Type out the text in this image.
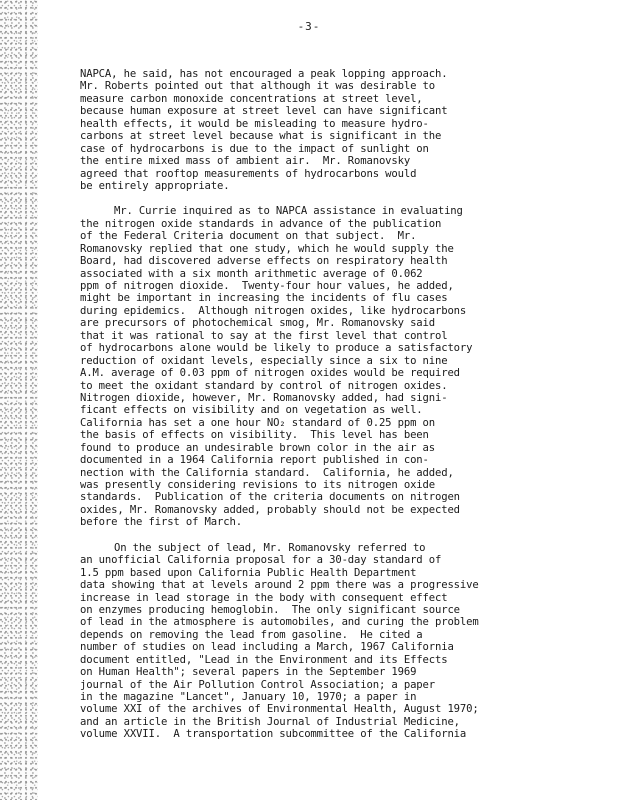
-3-
NAPCA, he said, has not encouraged a peak lopping approach.
Mr. Roberts pointed out that although it was desirable to
measure carbon monoxide concentrations at street level,
because human exposure at street level can have significant
health effects, it would be misleading to measure hydro-
carbons at street level because what is significant in the
case of hydrocarbons is due to the impact of sunlight on
the entire mixed mass of ambient air.  Mr. Romanovsky
agreed that rooftop measurements of hydrocarbons would
be entirely appropriate.
Mr. Currie inquired as to NAPCA assistance in evaluating
the nitrogen oxide standards in advance of the publication
of the Federal Criteria document on that subject.  Mr.
Romanovsky replied that one study, which he would supply the
Board, had discovered adverse effects on respiratory health
associated with a six month arithmetic average of 0.062
ppm of nitrogen dioxide.  Twenty-four hour values, he added,
might be important in increasing the incidents of flu cases
during epidemics.  Although nitrogen oxides, like hydrocarbons
are precursors of photochemical smog, Mr. Romanovsky said
that it was rational to say at the first level that control
of hydrocarbons alone would be likely to produce a satisfactory
reduction of oxidant levels, especially since a six to nine
A.M. average of 0.03 ppm of nitrogen oxides would be required
to meet the oxidant standard by control of nitrogen oxides.
Nitrogen dioxide, however, Mr. Romanovsky added, had signi-
ficant effects on visibility and on vegetation as well.
California has set a one hour NO₂ standard of 0.25 ppm on
the basis of effects on visibility.  This level has been
found to produce an undesirable brown color in the air as
documented in a 1964 California report published in con-
nection with the California standard.  California, he added,
was presently considering revisions to its nitrogen oxide
standards.  Publication of the criteria documents on nitrogen
oxides, Mr. Romanovsky added, probably should not be expected
before the first of March.
On the subject of lead, Mr. Romanovsky referred to
an unofficial California proposal for a 30-day standard of
1.5 ppm based upon California Public Health Department
data showing that at levels around 2 ppm there was a progressive
increase in lead storage in the body with consequent effect
on enzymes producing hemoglobin.  The only significant source
of lead in the atmosphere is automobiles, and curing the problem
depends on removing the lead from gasoline.  He cited a
number of studies on lead including a March, 1967 California
document entitled, "Lead in the Environment and its Effects
on Human Health"; several papers in the September 1969
journal of the Air Pollution Control Association; a paper
in the magazine "Lancet", January 10, 1970; a paper in
volume XXI of the archives of Environmental Health, August 1970;
and an article in the British Journal of Industrial Medicine,
volume XXVII.  A transportation subcommittee of the California
